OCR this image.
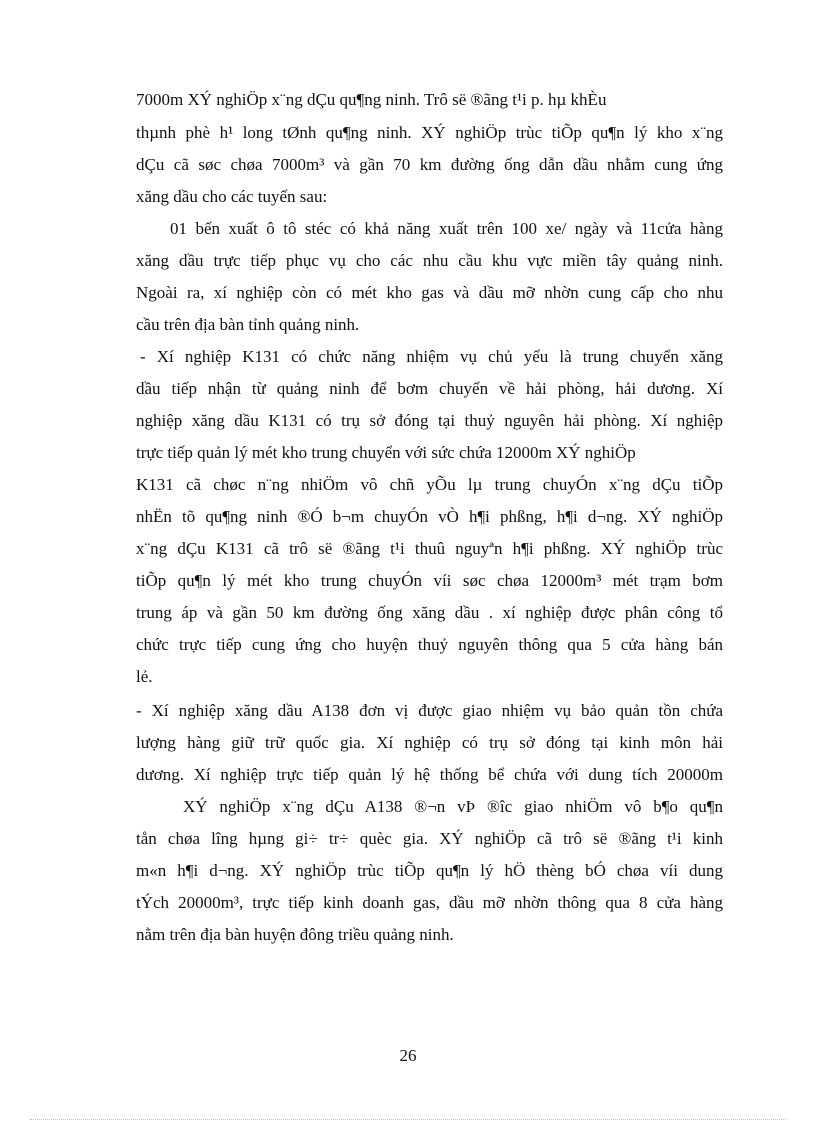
7000m XÝ nghiÖp x¨ng dÇu qu¶ng ninh. Trô së ®ãng t¹i p. hµ khÈu
thµnh phè h¹ long tØnh qu¶ng ninh. XÝ nghiÖp trùc tiÕp qu¶n lý kho x¨ng
dÇu cã søc chøa 7000m³ và gần 70 km đường ống dẫn dầu nhằm cung ứng
xăng dầu cho các tuyến sau:
01 bến xuất ô tô stéc có khả năng xuất trên 100 xe/ ngày và 11cửa hàng
xăng dầu trực tiếp phục vụ cho các nhu cầu khu vực miền tây quảng ninh.
Ngoài ra, xí nghiệp còn có mét kho gas và dầu mỡ nhờn cung cấp cho nhu
cầu trên địa bàn tỉnh quảng ninh.
- Xí nghiệp K131 có chức năng nhiệm vụ chủ yếu là trung chuyển xăng
dầu tiếp nhận từ quảng ninh để bơm chuyển về hải phòng, hải dương. Xí
nghiệp xăng dầu K131 có trụ sở đóng tại thuỷ nguyên hải phòng. Xí nghiệp
trực tiếp quản lý mét kho trung chuyển với sức chứa 12000m XÝ nghiÖp
K131 cã chøc n¨ng nhiÖm vô chñ yÕu lµ trung chuyÓn x¨ng dÇu tiÕp
nhËn tõ qu¶ng ninh ®Ó b¬m chuyÓn vÒ h¶i phßng, h¶i d¬ng. XÝ nghiÖp
x¨ng dÇu K131 cã trô së ®ãng t¹i thuû nguyªn h¶i phßng. XÝ nghiÖp trùc
tiÕp qu¶n lý mét kho trung chuyÓn víi søc chøa 12000m³ mét trạm bơm
trung áp và gần 50 km đường ống xăng dầu . xí nghiệp được phân công tổ
chức trực tiếp cung ứng cho huyện thuỷ nguyên thông qua 5 cửa hàng bán
lẻ.
- Xí nghiệp xăng dầu A138 đơn vị được giao nhiệm vụ bảo quản tồn chứa
lượng hàng giữ trữ quốc gia. Xí nghiệp có trụ sở đóng tại kinh môn hải
dương. Xí nghiệp trực tiếp quản lý hệ thống bể chứa với dung tích 20000m
XÝ nghiÖp x¨ng dÇu A138 ®¬n vÞ ®îc giao nhiÖm vô b¶o qu¶n
tån chøa lîng hµng gi÷ tr÷ quèc gia. XÝ nghiÖp cã trô së ®ãng t¹i kinh
m«n h¶i d¬ng. XÝ nghiÖp trùc tiÕp qu¶n lý hÖ thèng bÓ chøa víi dung
tÝch 20000m³, trực tiếp kinh doanh gas, dầu mỡ nhờn thông qua 8 cửa hàng
nằm trên địa bàn huyện đông triều quảng ninh.
26
